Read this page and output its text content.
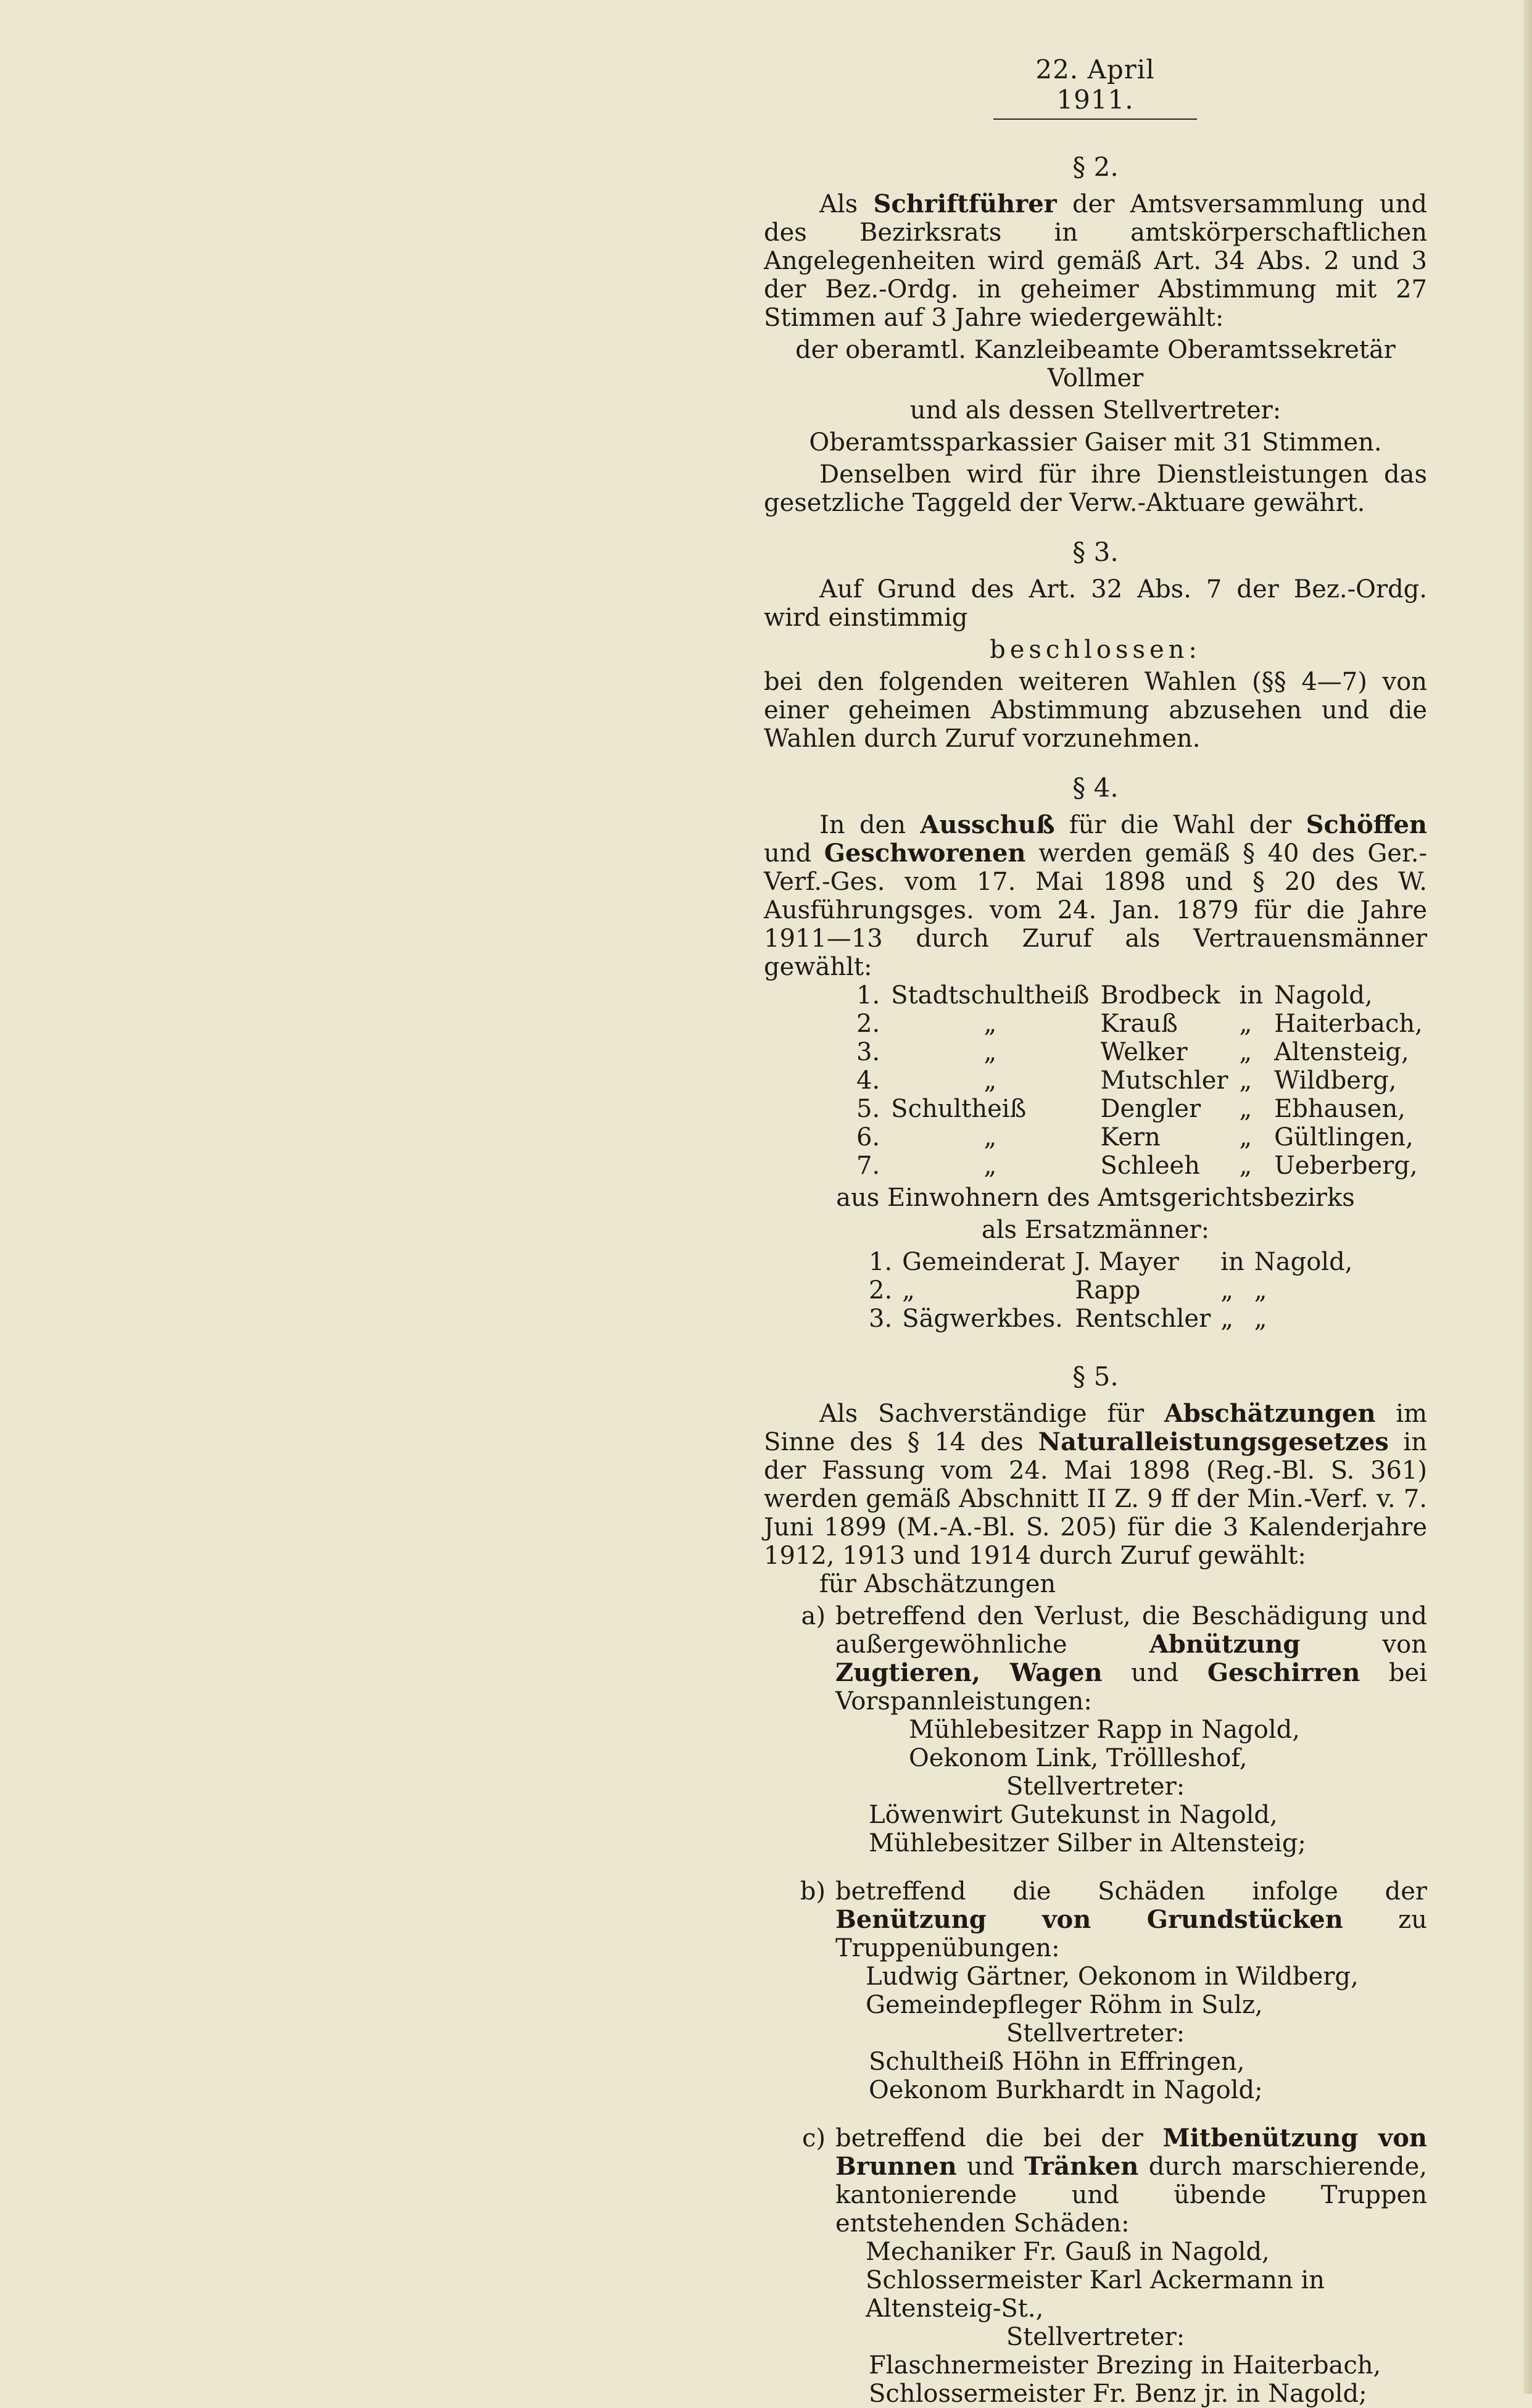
22. April 1911.
§ 2.

Als Schriftführer der Amtsversammlung und des Bezirksrats in amtskörperschaftlichen Angelegenheiten wird gemäß Art. 34 Abs. 2 und 3 der Bez.-Ordg. in geheimer Abstimmung mit 27 Stimmen auf 3 Jahre wiedergewählt:

der oberamtl. Kanzleibeamte Oberamtssekretär Vollmer
und als dessen Stellvertreter:
Oberamtssparkassier Gaiser mit 31 Stimmen.

Denselben wird für ihre Dienstleistungen das gesetzliche Taggeld der Verw.-Aktuare gewährt.

§ 3.

Auf Grund des Art. 32 Abs. 7 der Bez.-Ordg. wird einstimmig

beschlossen:

bei den folgenden weiteren Wahlen (§§ 4—7) von einer geheimen Abstimmung abzusehen und die Wahlen durch Zuruf vorzunehmen.

§ 4.

In den Ausschuß für die Wahl der Schöffen und Geschworenen werden gemäß § 40 des Ger.-Verf.-Ges. vom 17. Mai 1898 und § 20 des W. Ausführungsges. vom 24. Jan. 1879 für die Jahre 1911—13 durch Zuruf als Vertrauensmänner gewählt:

1.	Stadtschultheiß	Brodbeck	in	Nagold,
2.	„	Krauß	„	Haiterbach,
3.	„	Welker	„	Altensteig,
4.	„	Mutschler	„	Wildberg,
5.	Schultheiß	Dengler	„	Ebhausen,
6.	„	Kern	„	Gültlingen,
7.	„	Schleeh	„	Ueberberg,
aus Einwohnern des Amtsgerichtsbezirks
als Ersatzmänner:
1.	Gemeinderat	J. Mayer	in	Nagold,
2.	„	Rapp	„	„
3.	Sägwerkbes.	Rentschler	„	„
§ 5.

Als Sachverständige für Abschätzungen im Sinne des § 14 des Naturalleistungsgesetzes in der Fassung vom 24. Mai 1898 (Reg.-Bl. S. 361) werden gemäß Abschnitt II Z. 9 ff der Min.-Verf. v. 7. Juni 1899 (M.-A.-Bl. S. 205) für die 3 Kalenderjahre 1912, 1913 und 1914 durch Zuruf gewählt:

für Abschätzungen
a) betreffend den Verlust, die Beschädigung und außergewöhnliche Abnützung von Zugtieren, Wagen und Geschirren bei Vorspannleistungen:
Mühlebesitzer Rapp in Nagold,
Oekonom Link, Tröllleshof,
Stellvertreter:
Löwenwirt Gutekunst in Nagold,
Mühlebesitzer Silber in Altensteig;
b) betreffend die Schäden infolge der Benützung von Grundstücken zu Truppenübungen:
Ludwig Gärtner, Oekonom in Wildberg,
Gemeindepfleger Röhm in Sulz,
Stellvertreter:
Schultheiß Höhn in Effringen,
Oekonom Burkhardt in Nagold;
c) betreffend die bei der Mitbenützung von Brunnen und Tränken durch marschierende, kantonierende und übende Truppen entstehenden Schäden:
Mechaniker Fr. Gauß in Nagold,
Schlossermeister Karl Ackermann in Altensteig-St.,
Stellvertreter:
Flaschnermeister Brezing in Haiterbach,
Schlossermeister Fr. Benz jr. in Nagold;
